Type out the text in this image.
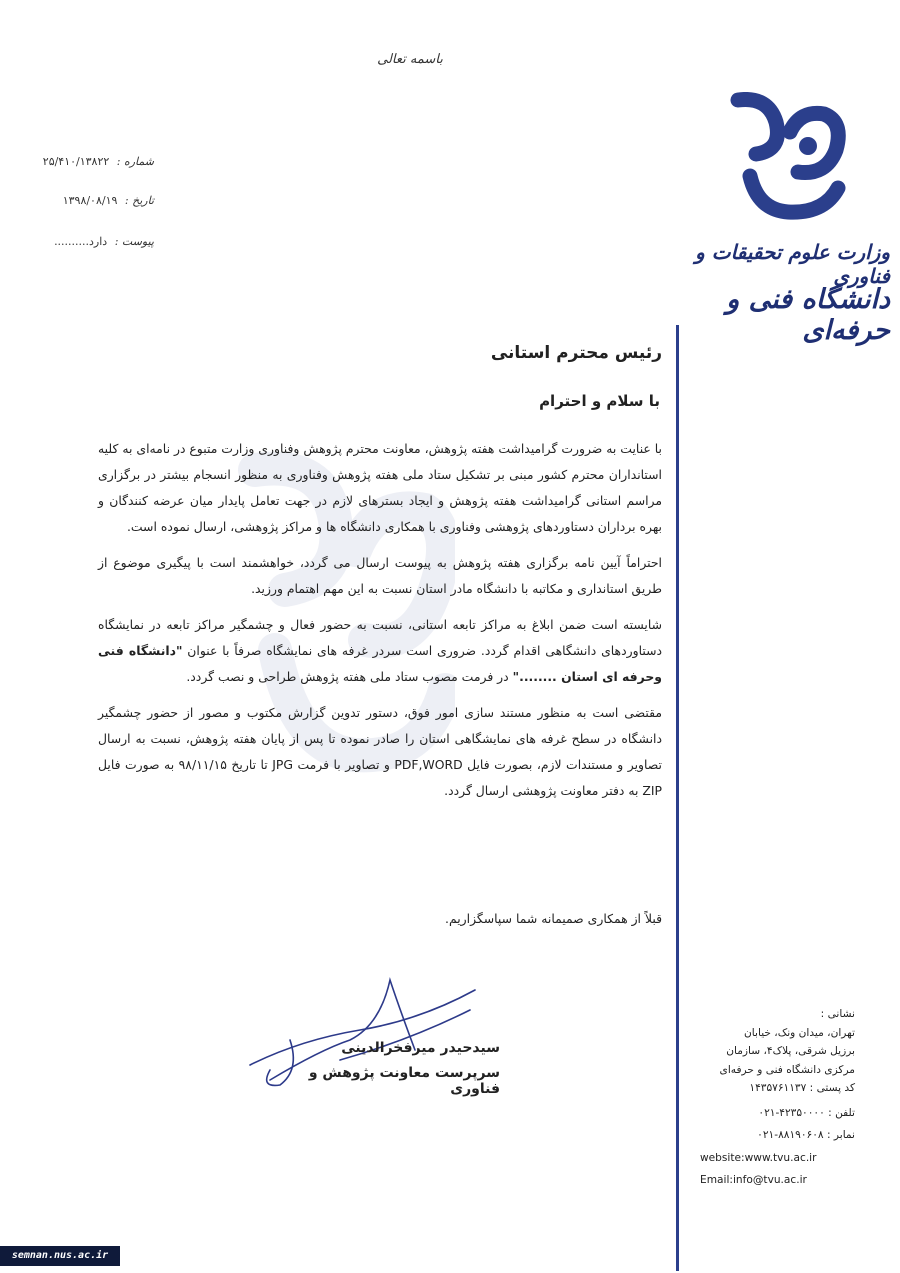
باسمه تعالی
شماره : ۲۵/۴۱۰/۱۳۸۲۲
تاریخ : ۱۳۹۸/۰۸/۱۹
پیوست : دارد..........	وزارت علوم تحقیقات و فناوری
دانشگاه فنی و حرفه‌ای
رئیس محترم استانی
با سلام و احترام

با عنایت به ضرورت گرامیداشت هفته پژوهش، معاونت محترم پژوهش وفناوری وزارت متبوع در نامه‌ای به کلیه استانداران محترم کشور مبنی بر تشکیل ستاد ملی هفته پژوهش وفناوری به منظور انسجام بیشتر در برگزاری مراسم استانی گرامیداشت هفته پژوهش و ایجاد بسترهای لازم در جهت تعامل پایدار میان عرضه کنندگان و بهره برداران دستاوردهای پژوهشی وفناوری با همکاری دانشگاه ها و مراکز پژوهشی، ارسال نموده است.

احتراماً آیین نامه برگزاری هفته پژوهش به پیوست ارسال می گردد، خواهشمند است با پیگیری موضوع از طریق استانداری و مکاتبه با دانشگاه مادر استان نسبت به این مهم اهتمام ورزید.

شایسته است ضمن ابلاغ به مراکز تابعه استانی، نسبت به حضور فعال و چشمگیر مراکز تابعه در نمایشگاه دستاوردهای دانشگاهی اقدام گردد. ضروری است سردر غرفه های نمایشگاه صرفاً با عنوان "دانشگاه فنی وحرفه ای استان ........" در فرمت مصوب ستاد ملی هفته پژوهش طراحی و نصب گردد.

مقتضی است به منظور مستند سازی امور فوق، دستور تدوین گزارش مکتوب و مصور از حضور چشمگیر دانشگاه در سطح غرفه های نمایشگاهی استان را صادر نموده تا پس از پایان هفته پژوهش، نسبت به ارسال تصاویر و مستندات لازم، بصورت فایل PDF,WORD و تصاویر با فرمت JPG تا تاریخ ۹۸/۱۱/۱۵ به صورت فایل ZIP به دفتر معاونت پژوهشی ارسال گردد.

قبلاً از همکاری صمیمانه شما سپاسگزاریم.
سیدحیدر میرفخرالدینی
سرپرست معاونت پژوهش و فناوری
نشانی :
تهران، میدان ونک، خیابان
برزیل شرقی، پلاک۴، سازمان
مرکزی دانشگاه فنی و حرفه‌ای
کد پستی : ۱۴۳۵۷۶۱۱۳۷
تلفن : ۰۲۱-۴۲۳۵۰۰۰۰
نمابر : ۰۲۱-۸۸۱۹۰۶۰۸
website:www.tvu.ac.ir
Email:info@tvu.ac.ir
semnan.nus.ac.ir
